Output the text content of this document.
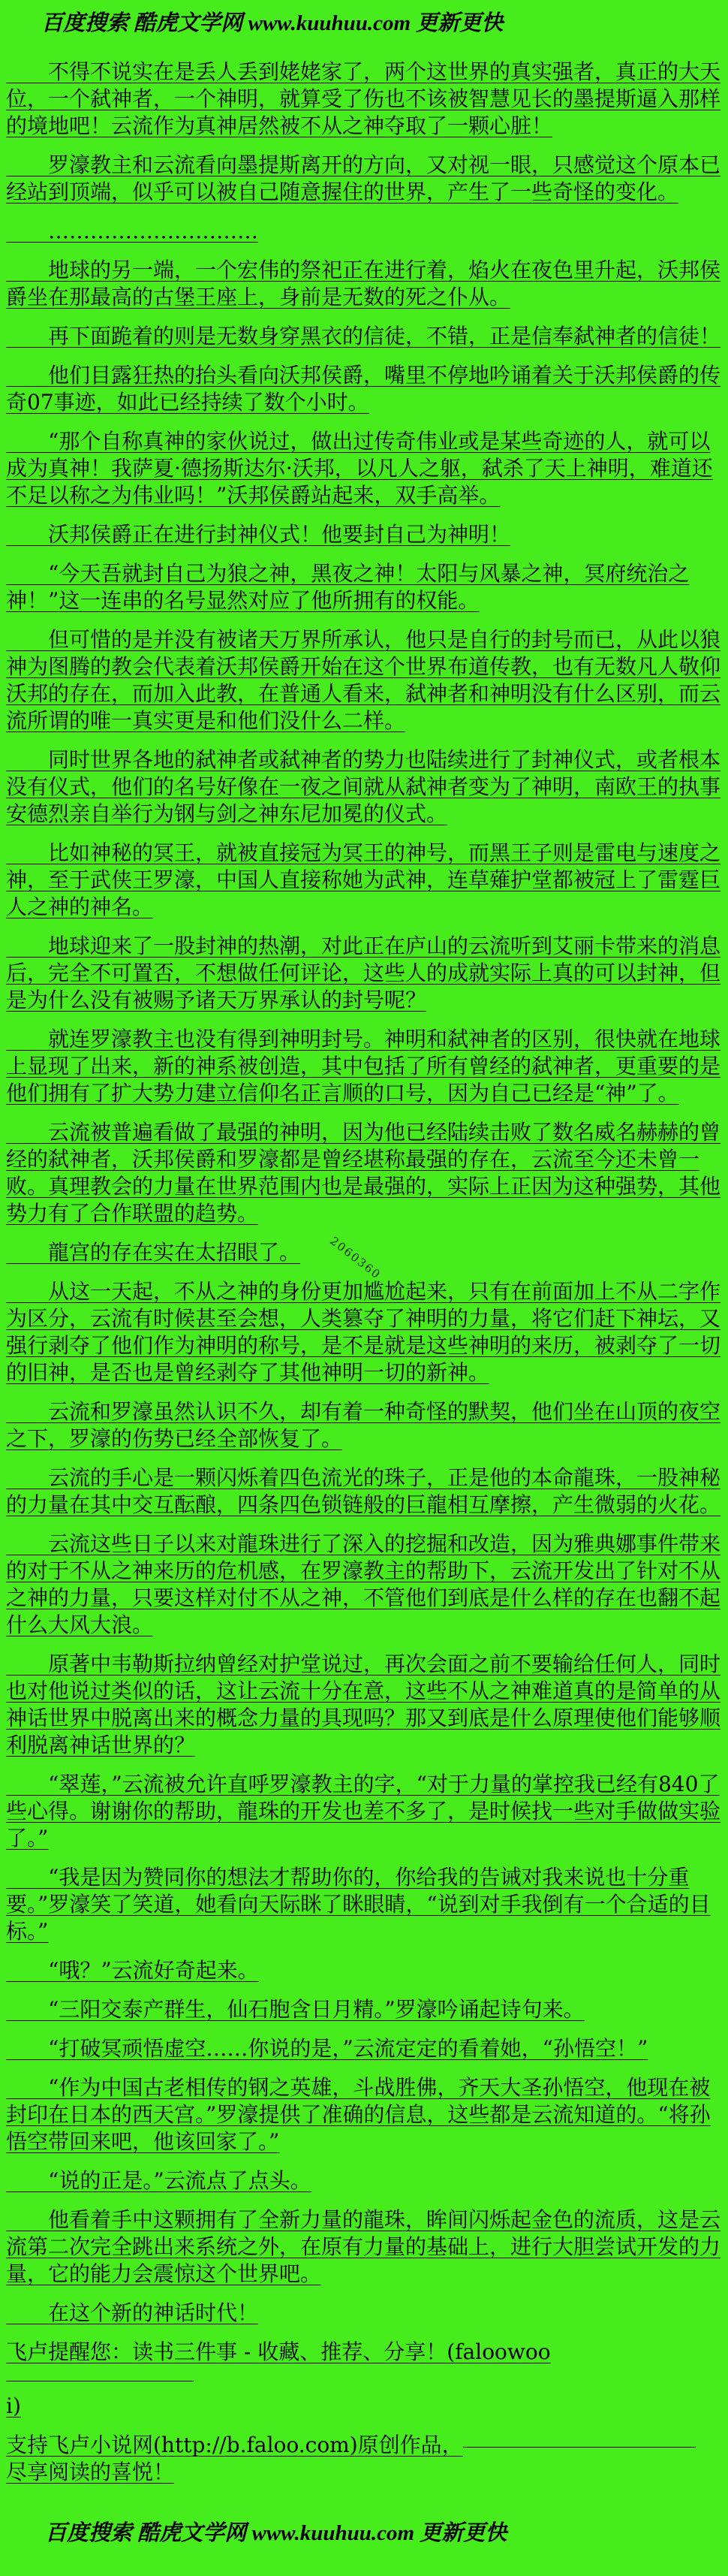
百度搜索 酷虎文学网 www.kuuhuu.com 更新更快

　　不得不说实在是丢人丢到姥姥家了，两个这世界的真实强者，真正的大天位，一个弑神者，一个神明，就算受了伤也不该被智慧见长的墨提斯逼入那样的境地吧！云流作为真神居然被不从之神夺取了一颗心脏！

　　罗濠教主和云流看向墨提斯离开的方向，又对视一眼，只感觉这个原本已经站到顶端，似乎可以被自己随意握住的世界，产生了一些奇怪的变化。

　　…………………………

　　地球的另一端，一个宏伟的祭祀正在进行着，焰火在夜色里升起，沃邦侯爵坐在那最高的古堡王座上，身前是无数的死之仆从。

　　再下面跪着的则是无数身穿黑衣的信徒，不错，正是信奉弑神者的信徒！

　　他们目露狂热的抬头看向沃邦侯爵，嘴里不停地吟诵着关于沃邦侯爵的传奇07事迹，如此已经持续了数个小时。

　　“那个自称真神的家伙说过，做出过传奇伟业或是某些奇迹的人，就可以成为真神！我萨夏·德扬斯达尔·沃邦，以凡人之躯，弑杀了天上神明，难道还不足以称之为伟业吗！”沃邦侯爵站起来，双手高举。

　　沃邦侯爵正在进行封神仪式！他要封自己为神明！

　　“今天吾就封自己为狼之神，黑夜之神！太阳与风暴之神，冥府统治之神！”这一连串的名号显然对应了他所拥有的权能。

　　但可惜的是并没有被诸天万界所承认，他只是自行的封号而已，从此以狼神为图腾的教会代表着沃邦侯爵开始在这个世界布道传教，也有无数凡人敬仰沃邦的存在，而加入此教，在普通人看来，弑神者和神明没有什么区别，而云流所谓的唯一真实更是和他们没什么二样。

　　同时世界各地的弑神者或弑神者的势力也陆续进行了封神仪式，或者根本没有仪式，他们的名号好像在一夜之间就从弑神者变为了神明，南欧王的执事安德烈亲自举行为钢与剑之神东尼加冕的仪式。

　　比如神秘的冥王，就被直接冠为冥王的神号，而黑王子则是雷电与速度之神，至于武侠王罗濠，中国人直接称她为武神，连草薙护堂都被冠上了雷霆巨人之神的神名。

　　地球迎来了一股封神的热潮，对此正在庐山的云流听到艾丽卡带来的消息后，完全不可置否，不想做任何评论，这些人的成就实际上真的可以封神，但是为什么没有被赐予诸天万界承认的封号呢？

　　就连罗濠教主也没有得到神明封号。神明和弑神者的区别，很快就在地球上显现了出来，新的神系被创造，其中包括了所有曾经的弑神者，更重要的是他们拥有了扩大势力建立信仰名正言顺的口号，因为自己已经是“神”了。

　　云流被普遍看做了最强的神明，因为他已经陆续击败了数名威名赫赫的曾经的弑神者，沃邦侯爵和罗濠都是曾经堪称最强的存在，云流至今还未曾一败。真理教会的力量在世界范围内也是最强的，实际上正因为这种强势，其他势力有了合作联盟的趋势。

　　龍宫的存在实在太招眼了。	2060360

　　从这一天起，不从之神的身份更加尴尬起来，只有在前面加上不从二字作为区分，云流有时候甚至会想，人类篡夺了神明的力量，将它们赶下神坛，又强行剥夺了他们作为神明的称号，是不是就是这些神明的来历，被剥夺了一切的旧神，是否也是曾经剥夺了其他神明一切的新神。

　　云流和罗濠虽然认识不久，却有着一种奇怪的默契，他们坐在山顶的夜空之下，罗濠的伤势已经全部恢复了。

　　云流的手心是一颗闪烁着四色流光的珠子，正是他的本命龍珠，一股神秘的力量在其中交互酝酿，四条四色锁链般的巨龍相互摩擦，产生微弱的火花。

　　云流这些日子以来对龍珠进行了深入的挖掘和改造，因为雅典娜事件带来的对于不从之神来历的危机感，在罗濠教主的帮助下，云流开发出了针对不从之神的力量，只要这样对付不从之神，不管他们到底是什么样的存在也翻不起什么大风大浪。

　　原著中韦勒斯拉纳曾经对护堂说过，再次会面之前不要输给任何人，同时也对他说过类似的话，这让云流十分在意，这些不从之神难道真的是简单的从神话世界中脱离出来的概念力量的具现吗？那又到底是什么原理使他们能够顺利脱离神话世界的？

　　“翠莲，”云流被允许直呼罗濠教主的字，“对于力量的掌控我已经有840了些心得。谢谢你的帮助，龍珠的开发也差不多了，是时候找一些对手做做实验了。”

　　“我是因为赞同你的想法才帮助你的，你给我的告诫对我来说也十分重要。”罗濠笑了笑道，她看向天际眯了眯眼睛，“说到对手我倒有一个合适的目标。”

　　“哦？”云流好奇起来。

　　“三阳交泰产群生，仙石胞含日月精。”罗濠吟诵起诗句来。

　　“打破冥顽悟虚空……你说的是，”云流定定的看着她，“孙悟空！”

　　“作为中国古老相传的钢之英雄，斗战胜佛，齐天大圣孙悟空，他现在被封印在日本的西天宫。”罗濠提供了准确的信息，这些都是云流知道的。“将孙悟空带回来吧，他该回家了。”

　　“说的正是。”云流点了点头。

　　他看着手中这颗拥有了全新力量的龍珠，眸间闪烁起金色的流质，这是云流第二次完全跳出来系统之外，在原有力量的基础上，进行大胆尝试开发的力量，它的能力会震惊这个世界吧。

　　在这个新的神话时代！

飞卢提醒您：读书三件事 - 收藏、推荐、分享！(faloowoo

i)

支持飞卢小说网(http://b.faloo.com)原创作品，

尽享阅读的喜悦！

百度搜索 酷虎文学网 www.kuuhuu.com 更新更快
